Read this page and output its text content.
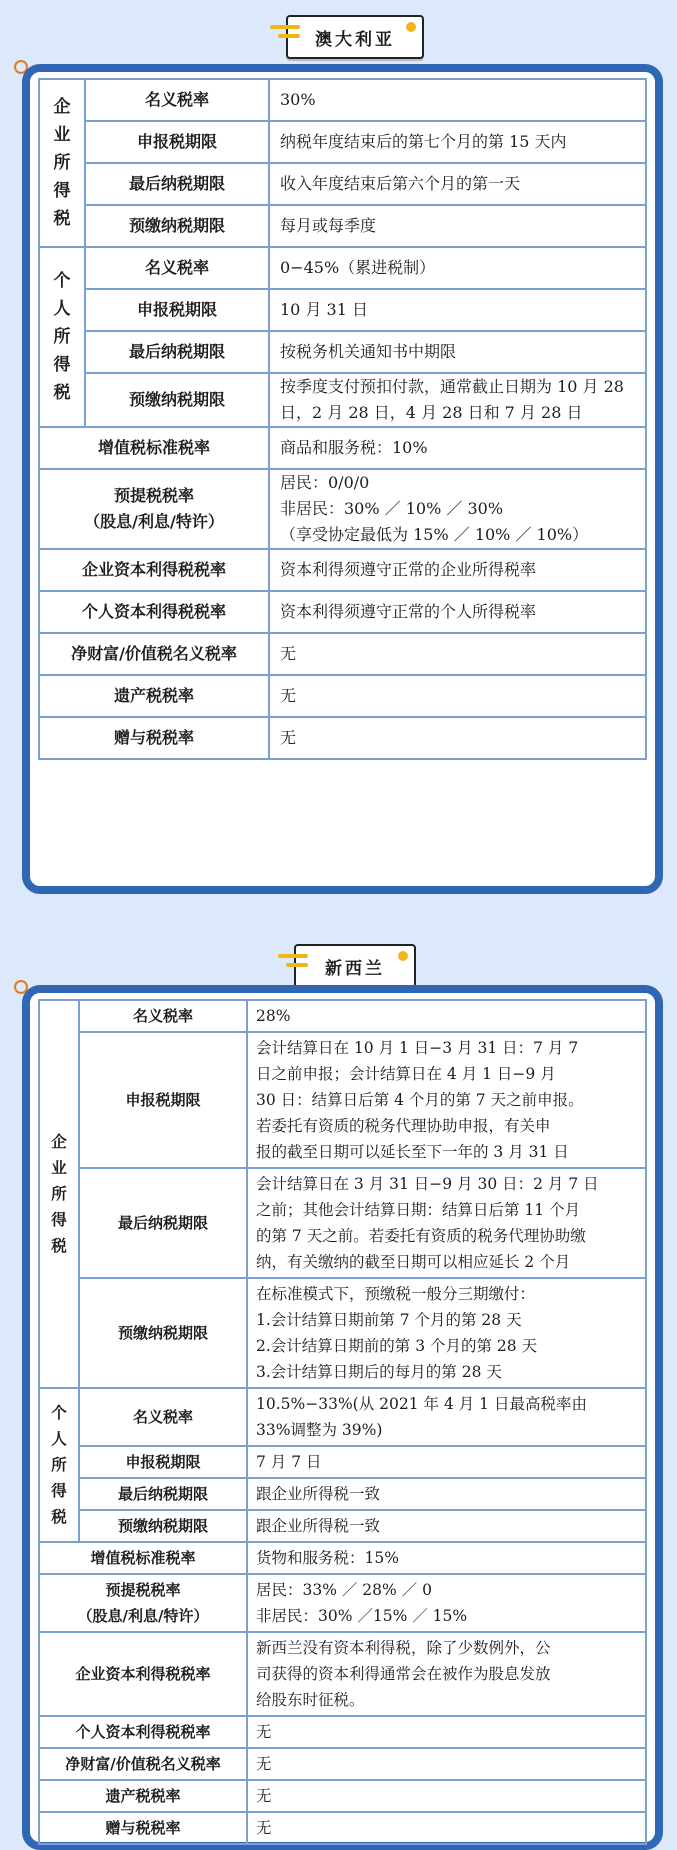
澳大利亚
企
业
所
得
税	名义税率	30%
	申报税期限	纳税年度结束后的第七个月的第 15 天内
	最后纳税期限	收入年度结束后第六个月的第一天
	预缴纳税期限	每月或每季度

个
人
所
得
税	名义税率	0−45%（累进税制）
	申报税期限	10 月 31 日
	最后纳税期限	按税务机关通知书中期限
	预缴纳税期限	按季度支付预扣付款，通常截止日期为 10 月 28 日，2 月 28 日，4 月 28 日和 7 月 28 日
增值税标准税率		商品和服务税：10%

预提税税率
（股息/利息/特许）		居民：0/0/0
非居民：30% ／ 10% ／ 30%
（享受协定最低为 15% ／ 10% ／ 10%）

企业资本利得税税率		资本利得须遵守正常的企业所得税率

个人资本利得税税率		资本利得须遵守正常的个人所得税率

净财富/价值税名义税率		无

遗产税税率		无

赠与税税率		无
新西兰
企
业
所
得
税	名义税率	28%

	申报税期限	会计结算日在 10 月 1 日−3 月 31 日：7 月 7
日之前申报；会计结算日在 4 月 1 日−9 月
30 日：结算日后第 4 个月的第 7 天之前申报。
若委托有资质的税务代理协助申报，有关申
报的截至日期可以延长至下一年的 3 月 31 日

	最后纳税期限	会计结算日在 3 月 31 日−9 月 30 日：2 月 7 日
之前；其他会计结算日期：结算日后第 11 个月
的第 7 天之前。若委托有资质的税务代理协助缴
纳，有关缴纳的截至日期可以相应延长 2 个月

	预缴纳税期限	在标准模式下，预缴税一般分三期缴付：
1.会计结算日期前第 7 个月的第 28 天
2.会计结算日期前的第 3 个月的第 28 天
3.会计结算日期后的每月的第 28 天

个
人
所
得
税	名义税率	10.5%−33%(从 2021 年 4 月 1 日最高税率由
33%调整为 39%)

	申报税期限	7 月 7 日

	最后纳税期限	跟企业所得税一致

	预缴纳税期限	跟企业所得税一致

增值税标准税率		货物和服务税：15%

预提税税率
（股息/利息/特许）		居民：33% ／ 28% ／ 0
非居民：30% ／15% ／ 15%

企业资本利得税税率		新西兰没有资本利得税，除了少数例外，公
司获得的资本利得通常会在被作为股息发放
给股东时征税。

个人资本利得税税率		无

净财富/价值税名义税率		无

遗产税税率		无

赠与税税率		无
